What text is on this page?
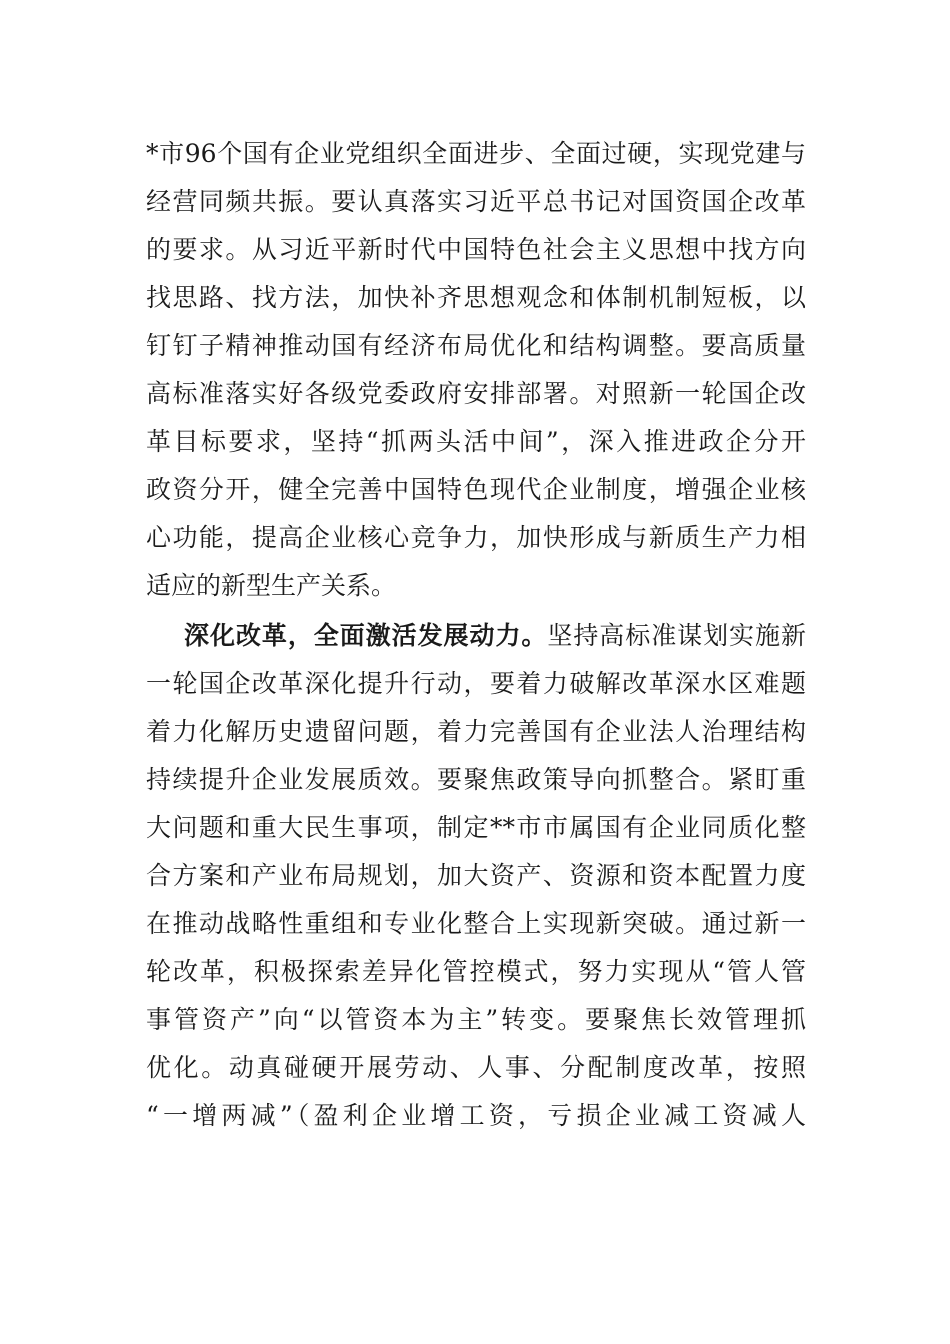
*市96个国有企业党组织全面进步、全面过硬，实现党建与
经营同频共振。要认真落实习近平总书记对国资国企改革
的要求。从习近平新时代中国特色社会主义思想中找方向
找思路、找方法，加快补齐思想观念和体制机制短板，以
钉钉子精神推动国有经济布局优化和结构调整。要高质量
高标准落实好各级党委政府安排部署。对照新一轮国企改
革目标要求，坚持“抓两头活中间”，深入推进政企分开
政资分开，健全完善中国特色现代企业制度，增强企业核
心功能，提高企业核心竞争力，加快形成与新质生产力相
适应的新型生产关系。
深化改革，全面激活发展动力。坚持高标准谋划实施新
一轮国企改革深化提升行动，要着力破解改革深水区难题
着力化解历史遗留问题，着力完善国有企业法人治理结构
持续提升企业发展质效。要聚焦政策导向抓整合。紧盯重
大问题和重大民生事项，制定**市市属国有企业同质化整
合方案和产业布局规划，加大资产、资源和资本配置力度
在推动战略性重组和专业化整合上实现新突破。通过新一
轮改革，积极探索差异化管控模式，努力实现从“管人管
事管资产”向“以管资本为主”转变。要聚焦长效管理抓
优化。动真碰硬开展劳动、人事、分配制度改革，按照
“一增两减”（盈利企业增工资，亏损企业减工资减人
